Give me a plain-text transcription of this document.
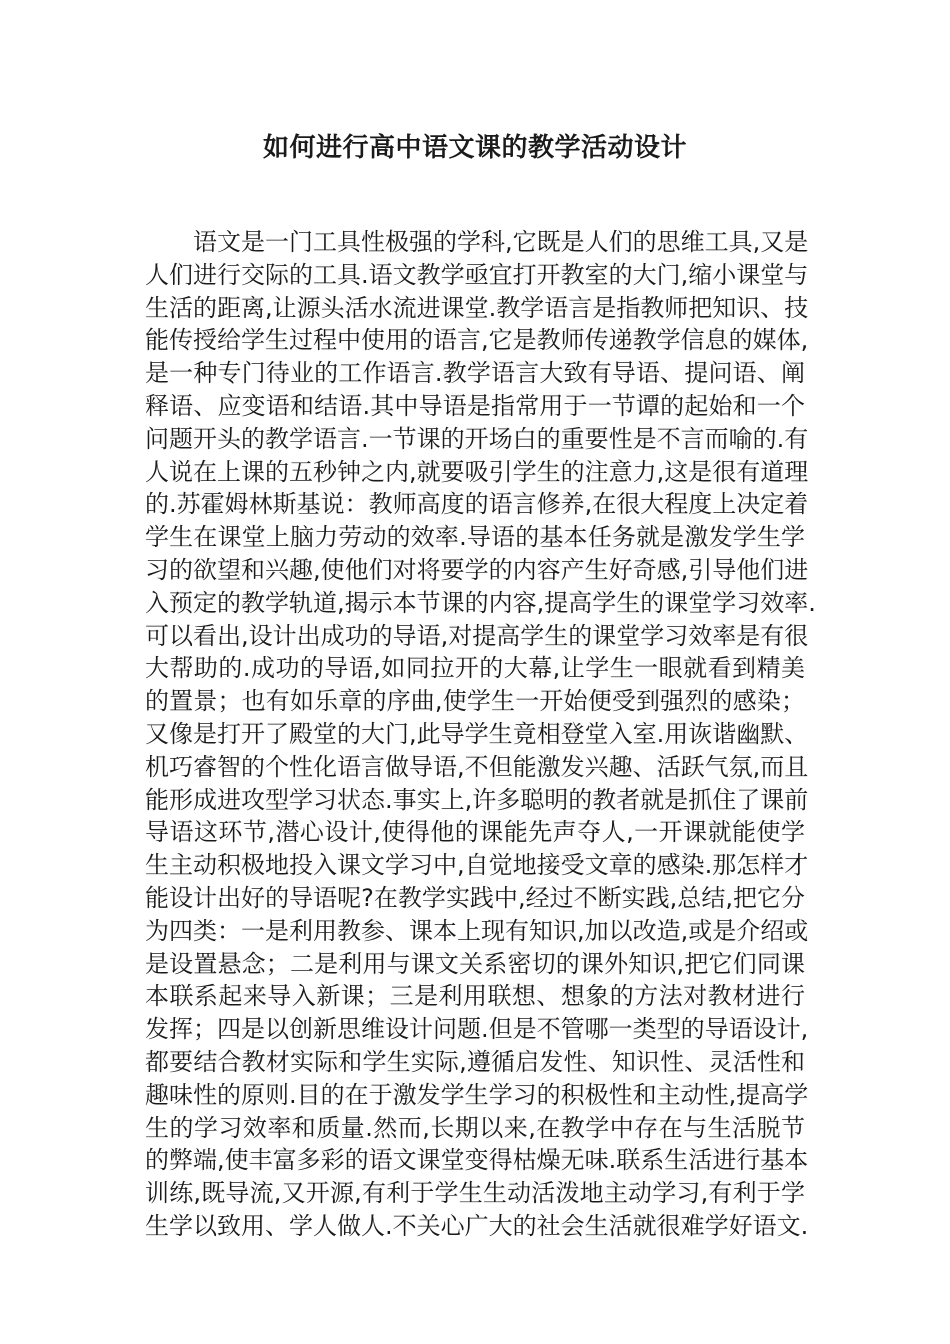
如何进行高中语文课的教学活动设计
语文是一门工具性极强的学科,它既是人们的思维工具,又是
人们进行交际的工具.语文教学亟宜打开教室的大门,缩小课堂与
生活的距离,让源头活水流进课堂.教学语言是指教师把知识、技
能传授给学生过程中使用的语言,它是教师传递教学信息的媒体,
是一种专门待业的工作语言.教学语言大致有导语、提问语、阐
释语、应变语和结语.其中导语是指常用于一节谭的起始和一个
问题开头的教学语言.一节课的开场白的重要性是不言而喻的.有
人说在上课的五秒钟之内,就要吸引学生的注意力,这是很有道理
的.苏霍姆林斯基说：教师高度的语言修养,在很大程度上决定着
学生在课堂上脑力劳动的效率.导语的基本任务就是激发学生学
习的欲望和兴趣,使他们对将要学的内容产生好奇感,引导他们进
入预定的教学轨道,揭示本节课的内容,提高学生的课堂学习效率.
可以看出,设计出成功的导语,对提高学生的课堂学习效率是有很
大帮助的.成功的导语,如同拉开的大幕,让学生一眼就看到精美
的置景；也有如乐章的序曲,使学生一开始便受到强烈的感染；
又像是打开了殿堂的大门,此导学生竟相登堂入室.用诙谐幽默、
机巧睿智的个性化语言做导语,不但能激发兴趣、活跃气氛,而且
能形成进攻型学习状态.事实上,许多聪明的教者就是抓住了课前
导语这环节,潜心设计,使得他的课能先声夺人,一开课就能使学
生主动积极地投入课文学习中,自觉地接受文章的感染.那怎样才
能设计出好的导语呢?在教学实践中,经过不断实践,总结,把它分
为四类：一是利用教参、课本上现有知识,加以改造,或是介绍或
是设置悬念；二是利用与课文关系密切的课外知识,把它们同课
本联系起来导入新课；三是利用联想、想象的方法对教材进行
发挥；四是以创新思维设计问题.但是不管哪一类型的导语设计,
都要结合教材实际和学生实际,遵循启发性、知识性、灵活性和
趣味性的原则.目的在于激发学生学习的积极性和主动性,提高学
生的学习效率和质量.然而,长期以来,在教学中存在与生活脱节
的弊端,使丰富多彩的语文课堂变得枯燥无味.联系生活进行基本
训练,既导流,又开源,有利于学生生动活泼地主动学习,有利于学
生学以致用、学人做人.不关心广大的社会生活就很难学好语文.
